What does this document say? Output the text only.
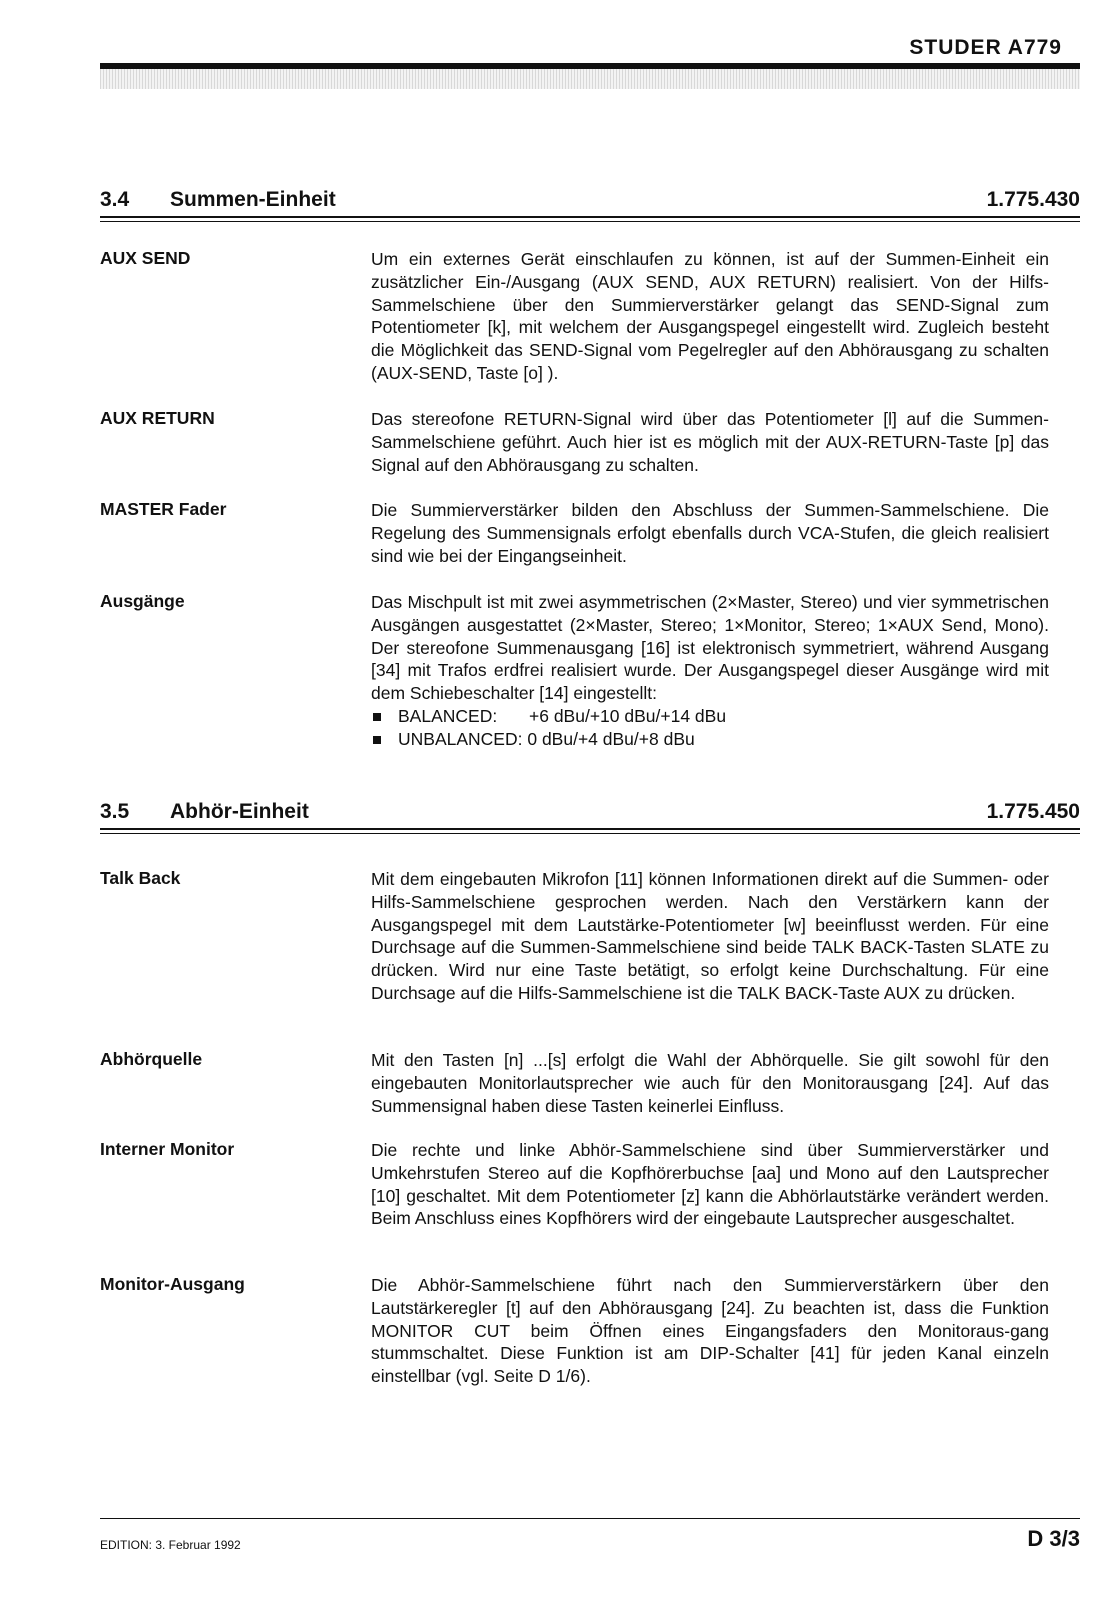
STUDER A779
3.4 Summen-Einheit	1.775.430
AUX SEND	Um ein externes Gerät einschlaufen zu können, ist auf der Summen-Einheit ein zusätzlicher Ein-/Ausgang (AUX SEND, AUX RETURN) realisiert. Von der Hilfs-Sammelschiene über den Summierverstärker gelangt das SEND-Signal zum Potentiometer [k], mit welchem der Ausgangspegel eingestellt wird. Zugleich besteht die Möglichkeit das SEND-Signal vom Pegelregler auf den Abhörausgang zu schalten (AUX-SEND, Taste [o] ).
AUX RETURN	Das stereofone RETURN-Signal wird über das Potentiometer [l] auf die Summen-Sammelschiene geführt. Auch hier ist es möglich mit der AUX-RETURN-Taste [p] das Signal auf den Abhörausgang zu schalten.
MASTER Fader	Die Summierverstärker bilden den Abschluss der Summen-Sammelschiene. Die Regelung des Summensignals erfolgt ebenfalls durch VCA-Stufen, die gleich realisiert sind wie bei der Eingangseinheit.
Ausgänge	Das Mischpult ist mit zwei asymmetrischen (2×Master, Stereo) und vier symmetrischen Ausgängen ausgestattet (2×Master, Stereo; 1×Monitor, Stereo; 1×AUX Send, Mono). Der stereofone Summenausgang [16] ist elektronisch symmetriert, während Ausgang [34] mit Trafos erdfrei realisiert wurde. Der Ausgangspegel dieser Ausgänge wird mit dem Schiebeschalter [14] eingestellt:
BALANCED: +6 dBu/+10 dBu/+14 dBu
UNBALANCED: 0 dBu/+4 dBu/+8 dBu
3.5 Abhör-Einheit	1.775.450
Talk Back	Mit dem eingebauten Mikrofon [11] können Informationen direkt auf die Summen- oder Hilfs-Sammelschiene gesprochen werden. Nach den Verstärkern kann der Ausgangspegel mit dem Lautstärke-Potentiometer [w] beeinflusst werden. Für eine Durchsage auf die Summen-Sammelschiene sind beide TALK BACK-Tasten SLATE zu drücken. Wird nur eine Taste betätigt, so erfolgt keine Durchschaltung. Für eine Durchsage auf die Hilfs-Sammelschiene ist die TALK BACK-Taste AUX zu drücken.
Abhörquelle	Mit den Tasten [n] ...[s] erfolgt die Wahl der Abhörquelle. Sie gilt sowohl für den eingebauten Monitorlautsprecher wie auch für den Monitorausgang [24]. Auf das Summensignal haben diese Tasten keinerlei Einfluss.
Interner Monitor	Die rechte und linke Abhör-Sammelschiene sind über Summierverstärker und Umkehrstufen Stereo auf die Kopfhörerbuchse [aa] und Mono auf den Lautsprecher [10] geschaltet. Mit dem Potentiometer [z] kann die Abhörlautstärke verändert werden. Beim Anschluss eines Kopfhörers wird der eingebaute Lautsprecher ausgeschaltet.
Monitor-Ausgang	Die Abhör-Sammelschiene führt nach den Summierverstärkern über den Lautstärkeregler [t] auf den Abhörausgang [24]. Zu beachten ist, dass die Funktion MONITOR CUT beim Öffnen eines Eingangsfaders den Monitoraus-gang stummschaltet. Diese Funktion ist am DIP-Schalter [41] für jeden Kanal einzeln einstellbar (vgl. Seite D 1/6).
EDITION: 3. Februar 1992	D 3/3
